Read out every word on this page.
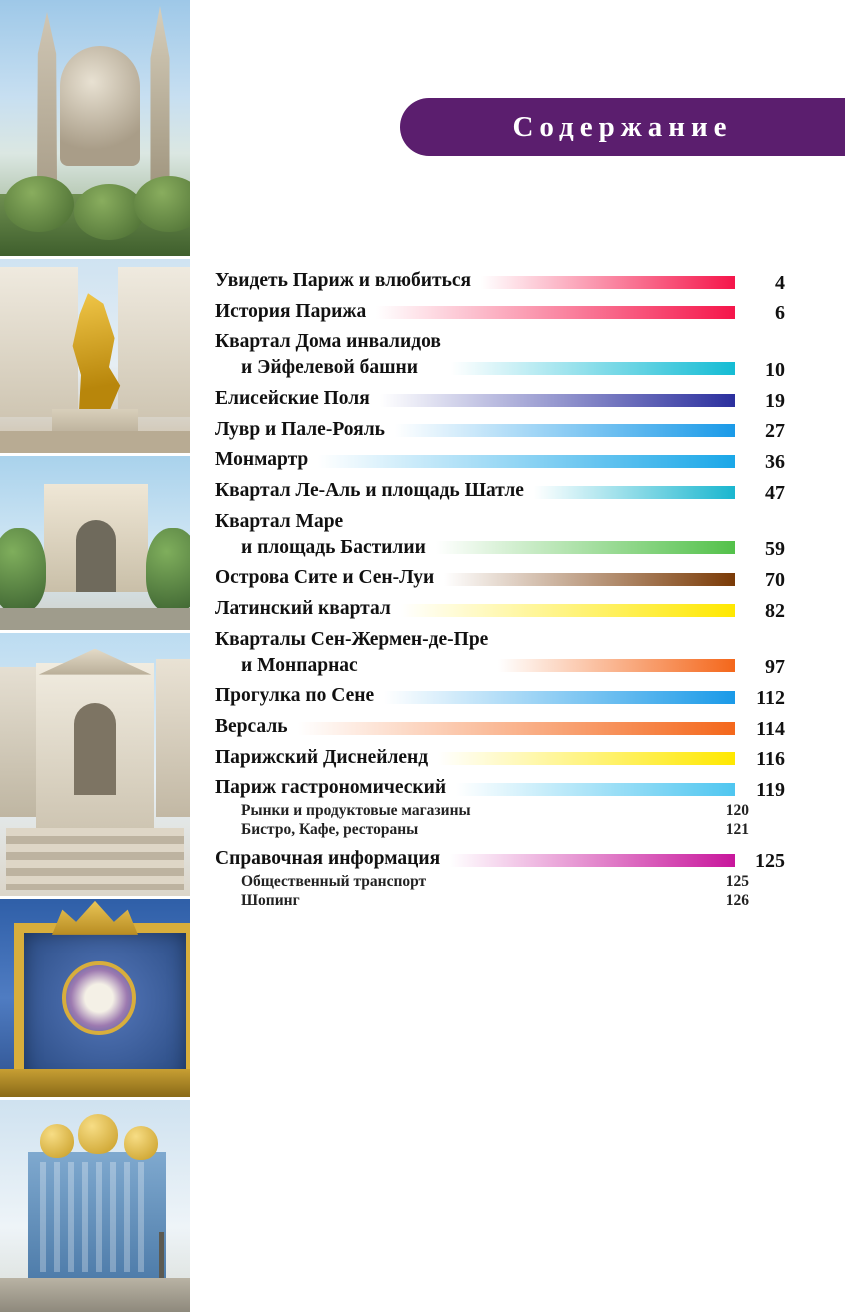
Содержание
Увидеть Париж и влюбиться	4
История Парижа	6
Квартал Дома инвалидов
и Эйфелевой башни	10
Елисейские Поля	19
Лувр и Пале-Рояль	27
Монмартр	36
Квартал Ле-Аль и площадь Шатле	47
Квартал Маре
и площадь Бастилии	59
Острова Сите и Сен-Луи	70
Латинский квартал	82
Кварталы Сен-Жермен-де-Пре
и Монпарнас	97
Прогулка по Сене	112
Версаль	114
Парижский Диснейленд	116
Париж гастрономический	119
Рынки и продуктовые магазины	120
Бистро, Кафе, рестораны	121
Справочная информация	125
Общественный транспорт	125
Шопинг	126
